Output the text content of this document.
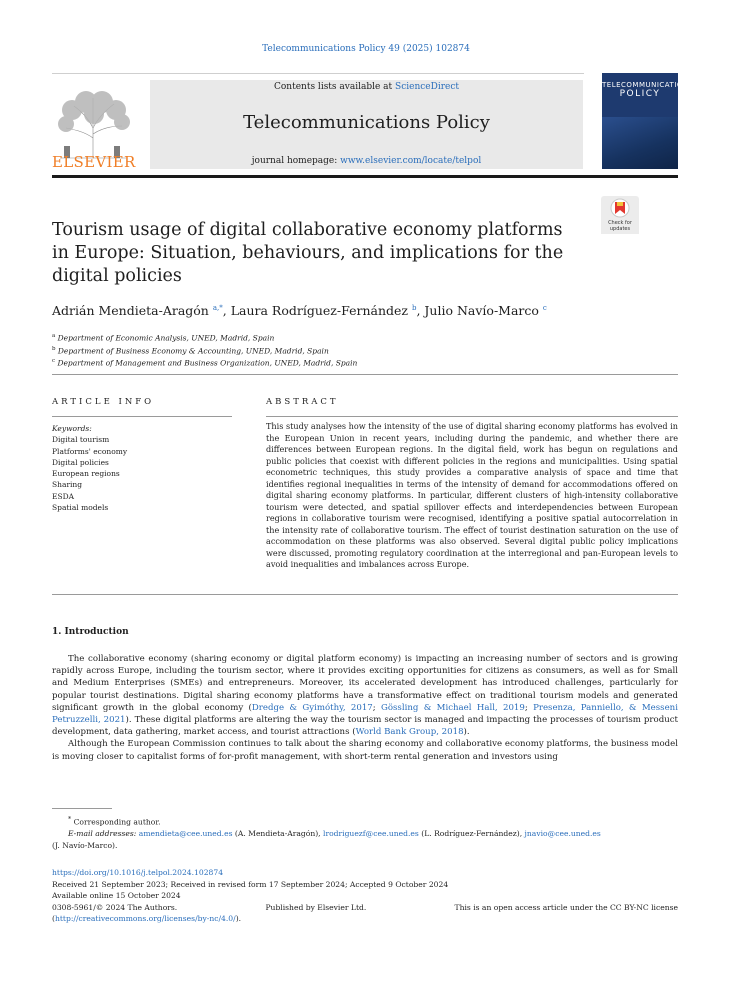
Telecommunications Policy 49 (2025) 102874
ELSEVIER
Contents lists available at ScienceDirect
Telecommunications Policy
journal homepage: www.elsevier.com/locate/telpol
TELECOMMUNICATIONS
POLICY
Tourism usage of digital collaborative economy platforms in Europe: Situation, behaviours, and implications for the digital policies
Check for updates
Adrián Mendieta-Aragón $^{a,*}$, Laura Rodríguez-Fernández $^b$, Julio Navío-Marco $^c$
$^a$ Department of Economic Analysis, UNED, Madrid, Spain
$^b$ Department of Business Economy & Accounting, UNED, Madrid, Spain
$^c$ Department of Management and Business Organization, UNED, Madrid, Spain
ARTICLE INFO
Keywords:
Digital tourism
Platforms' economy
Digital policies
European regions
Sharing
ESDA
Spatial models
ABSTRACT
This study analyses how the intensity of the use of digital sharing economy platforms has evolved in the European Union in recent years, including during the pandemic, and whether there are differences between European regions. In the digital field, work has begun on regulations and public policies that coexist with different policies in the regions and municipalities. Using spatial econometric techniques, this study provides a comparative analysis of space and time that identifies regional inequalities in terms of the intensity of demand for accommodations offered on digital sharing economy platforms. In particular, different clusters of high-intensity collaborative tourism were detected, and spatial spillover effects and interdependencies between European regions in collaborative tourism were recognised, identifying a positive spatial autocorrelation in the intensity rate of collaborative tourism. The effect of tourist destination saturation on the use of accommodation on these platforms was also observed. Several digital public policy implications were discussed, promoting regulatory coordination at the interregional and pan-European levels to avoid inequalities and imbalances across Europe.
1. Introduction

The collaborative economy (sharing economy or digital platform economy) is impacting an increasing number of sectors and is growing rapidly across Europe, including the tourism sector, where it provides exciting opportunities for citizens as consumers, as well as for Small and Medium Enterprises (SMEs) and entrepreneurs. Moreover, its accelerated development has introduced challenges, particularly for popular tourist destinations. Digital sharing economy platforms have a transformative effect on traditional tourism models and generated significant growth in the global economy (Dredge & Gyimóthy, 2017; Gössling & Michael Hall, 2019; Presenza, Panniello, & Messeni Petruzzelli, 2021). These digital platforms are altering the way the tourism sector is managed and impacting the processes of tourism product development, data gathering, market access, and tourist attractions (World Bank Group, 2018).

Although the European Commission continues to talk about the sharing economy and collaborative economy platforms, the business model is moving closer to capitalist forms of for-profit management, with short-term rental generation and investors using

* Corresponding author.
E-mail addresses: amendieta@cee.uned.es (A. Mendieta-Aragón), lrodriguezf@cee.uned.es (L. Rodríguez-Fernández), jnavio@cee.uned.es
(J. Navío-Marco).
https://doi.org/10.1016/j.telpol.2024.102874
Received 21 September 2023; Received in revised form 17 September 2024; Accepted 9 October 2024
Available online 15 October 2024
0308-5961/© 2024 The Authors.	Published by Elsevier Ltd.	This is an open access article under the CC BY-NC license
(http://creativecommons.org/licenses/by-nc/4.0/).
